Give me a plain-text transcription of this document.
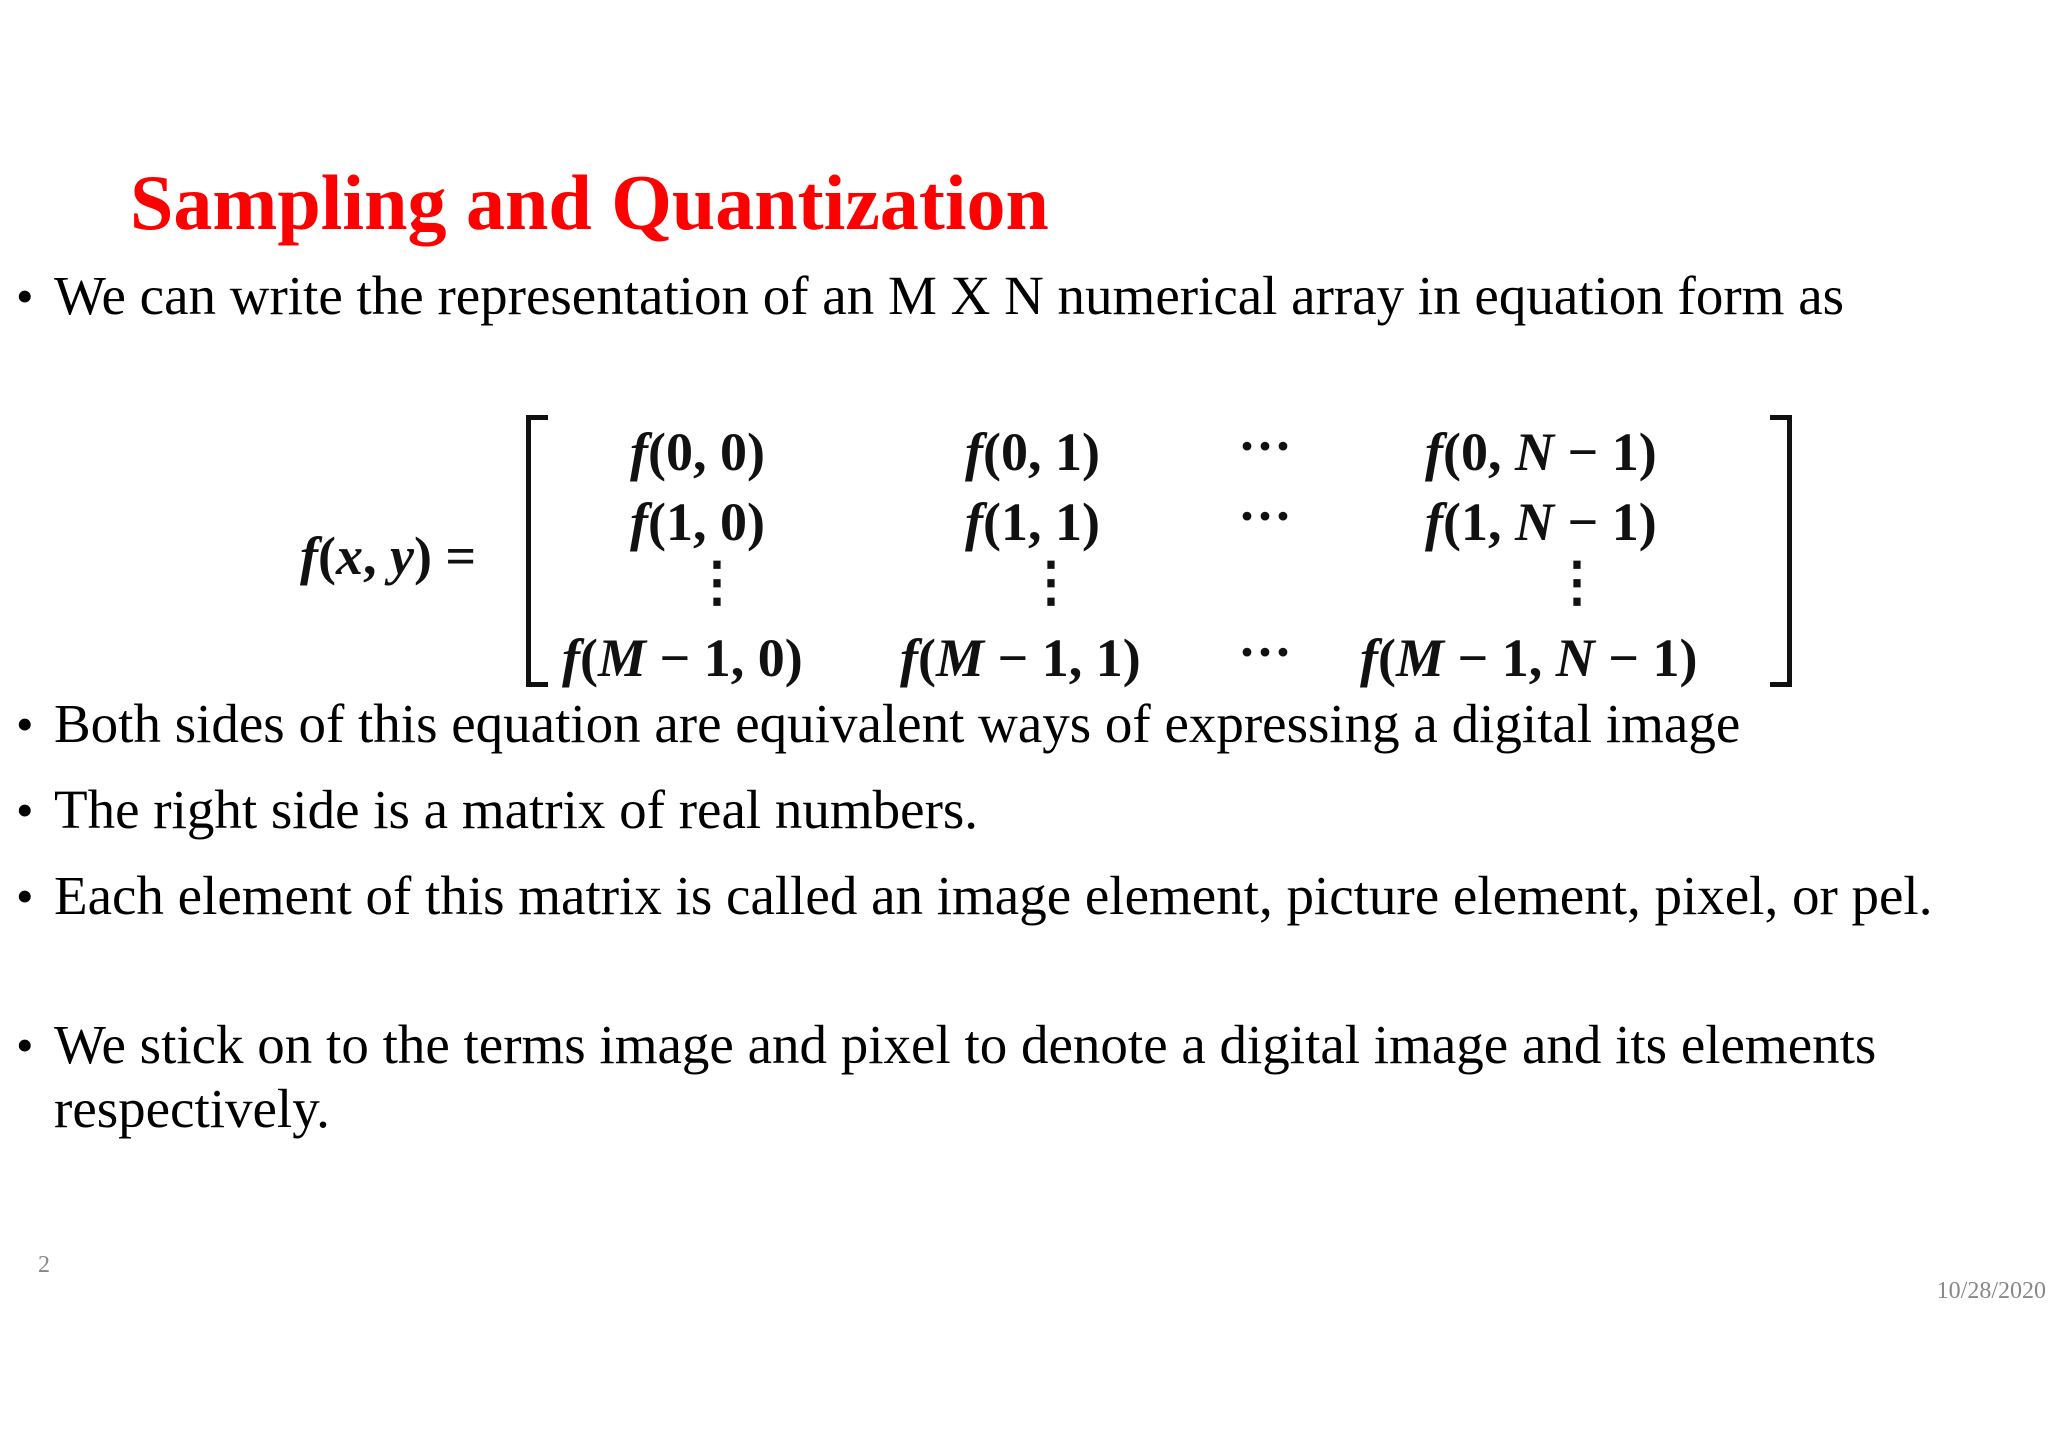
Sampling and Quantization
• We can write the representation of an M X N numerical array in equation form as
f(x, y) =
f(0, 0)	f(0, 1)	··· f(0, N − 1)
f(1, 0)	f(1, 1)	··· f(1, N − 1)
⋮	⋮	⋮
f(M − 1, 0) f(M − 1, 1) ··· f(M − 1, N − 1)
• Both sides of this equation are equivalent ways of expressing a digital image
• The right side is a matrix of real numbers.
• Each element of this matrix is called an image element, picture element, pixel, or pel.
• We stick on to the terms image and pixel to denote a digital image and its elements respectively.
2
10/28/2020
